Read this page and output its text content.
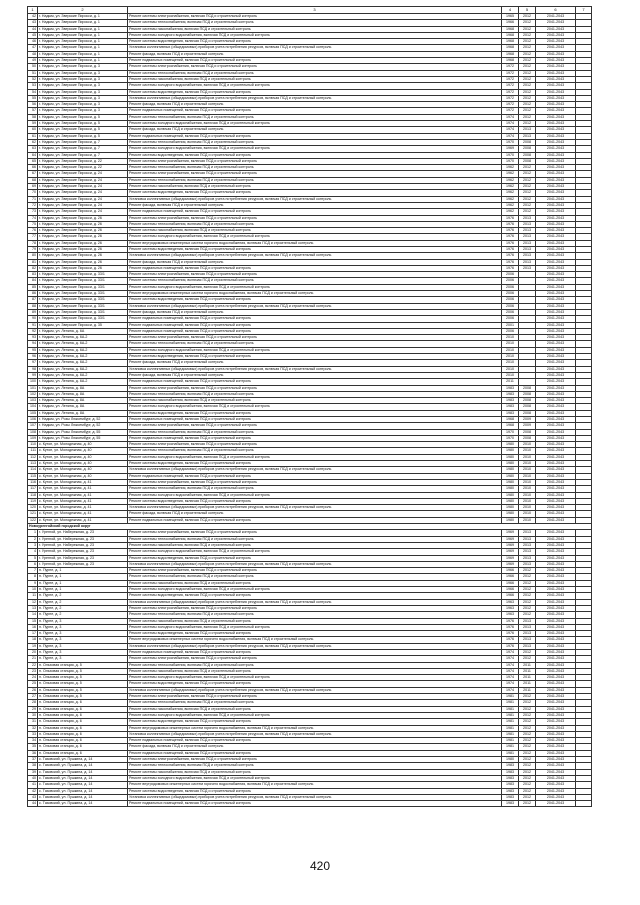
1	2	3	4	5	6	7
42	г. Надым, ул. Зверские Пирокси, д. 1	Ремонт системы электроснабжения, включая ПСД и строительный контроль	1965	2012	2041-2043	
43	г. Надым, ул. Зверские Пирокси, д. 1	Ремонт системы теплоснабжения, включая ПСД и строительный контроль	1966	2012	2041-2043	
44	г. Надым, ул. Зверские Пирокси, д. 1	Ремонт системы газоснабжения, включая ПСД и строительный контроль	1968	2012	2041-2043	
45	г. Надым, ул. Зверские Пирокси, д. 1	Ремонт системы холодного водоснабжения, включая ПСД и строительный контроль	1968	2012	2041-2043	
46	г. Надым, ул. Зверские Пирокси, д. 1	Ремонт системы водоотведения, включая ПСД и строительный контроль	1968	2012	2041-2043	
47	г. Надым, ул. Зверские Пирокси, д. 1	Установка коллективных (общедомовых) приборов учета потребления ресурсов, включая ПСД и строительный контроль	1968	2012	2041-2043	
48	г. Надым, ул. Зверские Пирокси, д. 1	Ремонт фасада, включая ПСД и строительный контроль	1968	2012	2041-2043	
49	г. Надым, ул. Зверские Пирокси, д. 1	Ремонт подвальных помещений, включая ПСД и строительный контроль	1968	2012	2041-2043	
50	г. Надым, ул. Зверские Пирокси, д. 3	Ремонт системы электроснабжения, включая ПСД и строительный контроль	1972	2012	2041-2043	
51	г. Надым, ул. Зверские Пирокси, д. 3	Ремонт системы теплоснабжения, включая ПСД и строительный контроль	1972	2012	2041-2043	
52	г. Надым, ул. Зверские Пирокси, д. 3	Ремонт системы газоснабжения, включая ПСД и строительный контроль	1972	2012	2041-2043	
53	г. Надым, ул. Зверские Пирокси, д. 3	Ремонт системы холодного водоснабжения, включая ПСД и строительный контроль	1972	2012	2041-2043	
54	г. Надым, ул. Зверские Пирокси, д. 3	Ремонт системы водоотведения, включая ПСД и строительный контроль	1972	2012	2041-2043	
55	г. Надым, ул. Зверские Пирокси, д. 3	Установка коллективных (общедомовых) приборов учета потребления ресурсов, включая ПСД и строительный контроль	1972	2012	2041-2043	
56	г. Надым, ул. Зверские Пирокси, д. 3	Ремонт фасада, включая ПСД и строительный контроль	1972	2012	2041-2043	
57	г. Надым, ул. Зверские Пирокси, д. 3	Ремонт подвальных помещений, включая ПСД и строительный контроль	1972	2012	2041-2043	
58	г. Надым, ул. Зверские Пирокси, д. 5	Ремонт системы теплоснабжения, включая ПСД и строительный контроль	1974	2012	2041-2043	
59	г. Надым, ул. Зверские Пирокси, д. 5	Ремонт системы холодного водоснабжения, включая ПСД и строительный контроль	1974	2012	2041-2043	
60	г. Надым, ул. Зверские Пирокси, д. 5	Ремонт фасада, включая ПСД и строительный контроль	1974	2013	2041-2043	
61	г. Надым, ул. Зверские Пирокси, д. 5	Ремонт подвальных помещений, включая ПСД и строительный контроль	1974	2013	2041-2043	
62	г. Надым, ул. Зверские Пирокси, д. 7	Ремонт системы теплоснабжения, включая ПСД и строительный контроль	1970	2008	2041-2043	
63	г. Надым, ул. Зверские Пирокси, д. 7	Ремонт системы холодного водоснабжения, включая ПСД и строительный контроль	1969	2008	2041-2043	
64	г. Надым, ул. Зверские Пирокси, д. 7	Ремонт системы водоотведения, включая ПСД и строительный контроль	1970	2008	2041-2043	
65	г. Надым, ул. Зверские Пирокси, д. 22	Ремонт системы электроснабжения, включая ПСД и строительный контроль	1970	2008	2041-2043	
66	г. Надым, ул. Зверские Пирокси, д. 22	Ремонт системы теплоснабжения, включая ПСД и строительный контроль	1962	2012	2041-2043	
67	г. Надым, ул. Зверские Пирокси, д. 24	Ремонт системы электроснабжения, включая ПСД и строительный контроль	1962	2012	2041-2043	
68	г. Надым, ул. Зверские Пирокси, д. 24	Ремонт системы теплоснабжения, включая ПСД и строительный контроль	1962	2012	2041-2043	
69	г. Надым, ул. Зверские Пирокси, д. 24	Ремонт системы газоснабжения, включая ПСД и строительный контроль	1962	2012	2041-2043	
70	г. Надым, ул. Зверские Пирокси, д. 24	Ремонт системы водоотведения, включая ПСД и строительный контроль	1962	2012	2041-2043	
71	г. Надым, ул. Зверские Пирокси, д. 24	Установка коллективных (общедомовых) приборов учета потребления ресурсов, включая ПСД и строительный контроль	1962	2012	2041-2043	
72	г. Надым, ул. Зверские Пирокси, д. 24	Ремонт фасада, включая ПСД и строительный контроль	1962	2012	2041-2043	
73	г. Надым, ул. Зверские Пирокси, д. 24	Ремонт подвальных помещений, включая ПСД и строительный контроль	1962	2012	2041-2043	
74	г. Надым, ул. Зверские Пирокси, д. 26	Ремонт системы электроснабжения, включая ПСД и строительный контроль	1976	2013	2041-2043	
75	г. Надым, ул. Зверские Пирокси, д. 26	Ремонт системы теплоснабжения, включая ПСД и строительный контроль	1976	2013	2041-2043	
76	г. Надым, ул. Зверские Пирокси, д. 26	Ремонт системы газоснабжения, включая ПСД и строительный контроль	1976	2013	2041-2043	
77	г. Надым, ул. Зверские Пирокси, д. 26	Ремонт системы холодного водоснабжения, включая ПСД и строительный контроль	1976	2013	2041-2043	
78	г. Надым, ул. Зверские Пирокси, д. 26	Ремонт внутридомовых инженерных систем горячего водоснабжения, включая ПСД и строительный контроль	1976	2013	2041-2043	
79	г. Надым, ул. Зверские Пирокси, д. 26	Ремонт системы водоотведения, включая ПСД и строительный контроль	1976	2013	2041-2043	
80	г. Надым, ул. Зверские Пирокси, д. 26	Установка коллективных (общедомовых) приборов учета потребления ресурсов, включая ПСД и строительный контроль	1976	2013	2041-2043	
81	г. Надым, ул. Зверские Пирокси, д. 26	Ремонт фасада, включая ПСД и строительный контроль	1976	2013	2041-2043	
82	г. Надым, ул. Зверские Пирокси, д. 26	Ремонт подвальных помещений, включая ПСД и строительный контроль	1976	2013	2041-2043	
83	г. Надым, ул. Зверские Пирокси, д. 33/1	Ремонт системы электроснабжения, включая ПСД и строительный контроль	2006		2041-2043	
84	г. Надым, ул. Зверские Пирокси, д. 33/1	Ремонт системы теплоснабжения, включая ПСД и строительный контроль	2006		2041-2043	
85	г. Надым, ул. Зверские Пирокси, д. 33/1	Ремонт системы холодного водоснабжения, включая ПСД и строительный контроль	2006		2041-2043	
86	г. Надым, ул. Зверские Пирокси, д. 33/1	Ремонт внутридомовых инженерных систем горячего водоснабжения, включая ПСД и строительный контроль	2006		2041-2043	
87	г. Надым, ул. Зверские Пирокси, д. 33/1	Ремонт системы водоотведения, включая ПСД и строительный контроль	2006		2041-2043	
88	г. Надым, ул. Зверские Пирокси, д. 33/1	Установка коллективных (общедомовых) приборов учета потребления ресурсов, включая ПСД и строительный контроль	2006		2041-2043	
89	г. Надым, ул. Зверские Пирокси, д. 33/1	Ремонт фасада, включая ПСД и строительный контроль	2006		2041-2043	
90	г. Надым, ул. Зверские Пирокси, д. 33/1	Ремонт подвальных помещений, включая ПСД и строительный контроль	2006		2041-2043	
91	г. Надым, ул. Зверские Пирокси, д. 35	Ремонт подвальных помещений, включая ПСД и строительный контроль	2001		2041-2043	
92	г. Надым, ул. Ленина, д. 6А	Ремонт подвальных помещений, включая ПСД и строительный контроль	2006		2041-2043	
93	г. Надым, ул. Ленина, д. 6А-2	Ремонт системы электроснабжения, включая ПСД и строительный контроль	2010		2041-2043	
94	г. Надым, ул. Ленина, д. 6А-2	Ремонт системы теплоснабжения, включая ПСД и строительный контроль	2010		2041-2043	
95	г. Надым, ул. Ленина, д. 6А-2	Ремонт системы холодного водоснабжения, включая ПСД и строительный контроль	2010		2041-2043	
96	г. Надым, ул. Ленина, д. 6А-2	Ремонт системы водоотведения, включая ПСД и строительный контроль	2010		2041-2043	
97	г. Надым, ул. Ленина, д. 6А-2	Ремонт фасада, включая ПСД и строительный контроль	2010		2041-2043	
98	г. Надым, ул. Ленина, д. 6А-2	Установка коллективных (общедомовых) приборов учета потребления ресурсов, включая ПСД и строительный контроль	2010		2041-2043	
99	г. Надым, ул. Ленина, д. 6А-2	Ремонт фасада, включая ПСД и строительный контроль	2010		2041-2043	
100	г. Надым, ул. Ленина, д. 6А-2	Ремонт подвальных помещений, включая ПСД и строительный контроль	2011		2041-2043	
101	г. Надым, ул. Ленина, д. 8А	Ремонт системы электроснабжения, включая ПСД и строительный контроль	1983	2008	2041-2043	
102	г. Надым, ул. Ленина, д. 8А	Ремонт системы теплоснабжения, включая ПСД и строительный контроль	1983	2008	2041-2043	
103	г. Надым, ул. Ленина, д. 8А	Ремонт системы газоснабжения, включая ПСД и строительный контроль	1983	2008	2041-2043	
104	г. Надым, ул. Ленина, д. 8А	Ремонт системы холодного водоснабжения, включая ПСД и строительный контроль	1983	2008	2041-2043	
105	г. Надым, ул. Ленина, д. 8А	Ремонт системы водоотведения, включая ПСД и строительный контроль	1983	2008	2041-2043	
106	г. Надым, ул. Розы Люксембург, д. 52	Ремонт подвальных помещений, включая ПСД и строительный контроль	1968	2009	2041-2043	
107	г. Надым, ул. Розы Люксембург, д. 52	Ремонт системы электроснабжения, включая ПСД и строительный контроль	1968	2009	2041-2043	
108	г. Надым, ул. Розы Люксембург, д. 55	Ремонт системы теплоснабжения, включая ПСД и строительный контроль	1970	2008	2041-2043	
109	г. Надым, ул. Розы Люксембург, д. 55	Ремонт подвальных помещений, включая ПСД и строительный контроль	1970	2008	2041-2043	
110	с. Кутоп, ул. Молодежная, д. 40	Ремонт системы электроснабжения, включая ПСД и строительный контроль	1980	2010	2041-2043	
111	с. Кутоп, ул. Молодежная, д. 40	Ремонт системы теплоснабжения, включая ПСД и строительный контроль	1980	2010	2041-2043	
112	с. Кутоп, ул. Молодежная, д. 40	Ремонт системы холодного водоснабжения, включая ПСД и строительный контроль	1980	2010	2041-2043	
113	с. Кутоп, ул. Молодежная, д. 40	Ремонт системы водоотведения, включая ПСД и строительный контроль	1980	2010	2041-2043	
114	с. Кутоп, ул. Молодежная, д. 40	Установка коллективных (общедомовых) приборов учета потребления ресурсов, включая ПСД и строительный контроль	1980	2010	2041-2043	
115	с. Кутоп, ул. Молодежная, д. 40	Ремонт подвальных помещений, включая ПСД и строительный контроль	1980	2010	2041-2043	
116	с. Кутоп, ул. Молодежная, д. 41	Ремонт системы электроснабжения, включая ПСД и строительный контроль	1980	2010	2041-2043	
117	с. Кутоп, ул. Молодежная, д. 41	Ремонт системы теплоснабжения, включая ПСД и строительный контроль	1980	2010	2041-2043	
118	с. Кутоп, ул. Молодежная, д. 41	Ремонт системы холодного водоснабжения, включая ПСД и строительный контроль	1980	2010	2041-2043	
119	с. Кутоп, ул. Молодежная, д. 41	Ремонт системы водоотведения, включая ПСД и строительный контроль	1980	2010	2041-2043	
120	с. Кутоп, ул. Молодежная, д. 41	Установка коллективных (общедомовых) приборов учета потребления ресурсов, включая ПСД и строительный контроль	1980	2010	2041-2043	
121	с. Кутоп, ул. Молодежная, д. 41	Ремонт фасада, включая ПСД и строительный контроль	1980	2010	2041-2043	
122	с. Кутоп, ул. Молодежная, д. 41	Ремонт подвальных помещений, включая ПСД и строительный контроль	1980	2010	2041-2043	
Новоуренгойский городской округ						
1	г. Уренгой, ул. Набережная, д. 23	Ремонт системы электроснабжения, включая ПСД и строительный контроль	1969	2013	2041-2043	
2	г. Уренгой, ул. Набережная, д. 23	Ремонт системы теплоснабжения, включая ПСД и строительный контроль	1969	2013	2041-2043	
3	г. Уренгой, ул. Набережная, д. 23	Ремонт системы газоснабжения, включая ПСД и строительный контроль	1969	2013	2041-2043	
4	г. Уренгой, ул. Набережная, д. 23	Ремонт системы холодного водоснабжения, включая ПСД и строительный контроль	1969	2013	2041-2043	
5	г. Уренгой, ул. Набережная, д. 23	Ремонт системы водоотведения, включая ПСД и строительный контроль	1969	2013	2041-2043	
6	г. Уренгой, ул. Набережная, д. 23	Установка коллективных (общедомовых) приборов учета потребления ресурсов, включая ПСД и строительный контроль	1969	2013	2041-2043	
7	п. Пурпе, д. 1	Ремонт системы электроснабжения, включая ПСД и строительный контроль	1966	2012	2041-2043	
8	п. Пурпе, д. 1	Ремонт системы теплоснабжения, включая ПСД и строительный контроль	1966	2012	2041-2043	
9	п. Пурпе, д. 1	Ремонт системы газоснабжения, включая ПСД и строительный контроль	1966	2012	2041-2043	
10	п. Пурпе, д. 1	Ремонт системы холодного водоснабжения, включая ПСД и строительный контроль	1966	2012	2041-2043	
11	п. Пурпе, д. 2	Ремонт системы водоотведения, включая ПСД и строительный контроль	1966	2012	2041-2043	
12	п. Пурпе, д. 2	Установка коллективных (общедомовых) приборов учета потребления ресурсов, включая ПСД и строительный контроль	1963	2012	2041-2043	
13	п. Пурпе, д. 2	Ремонт системы электроснабжения, включая ПСД и строительный контроль	1963	2012	2041-2043	
14	п. Пурпе, д. 2	Ремонт системы теплоснабжения, включая ПСД и строительный контроль	1963	2012	2041-2043	
15	п. Пурпе, д. 3	Ремонт системы газоснабжения, включая ПСД и строительный контроль	1976	2013	2041-2043	
16	п. Пурпе, д. 3	Ремонт системы холодного водоснабжения, включая ПСД и строительный контроль	1976	2013	2041-2043	
17	п. Пурпе, д. 3	Ремонт системы водоотведения, включая ПСД и строительный контроль	1976	2013	2041-2043	
18	п. Пурпе, д. 3	Ремонт внутридомовых инженерных систем горячего водоснабжения, включая ПСД и строительный контроль	1976	2013	2041-2043	
19	п. Пурпе, д. 3	Установка коллективных (общедомовых) приборов учета потребления ресурсов, включая ПСД и строительный контроль	1976	2013	2041-2043	
20	п. Пурпе, д. 3	Ремонт подвальных помещений, включая ПСД и строительный контроль	1974	2012	2041-2043	
21	п. Пурпе, д. 3	Ремонт системы электроснабжения, включая ПСД и строительный контроль	1974	2012	2041-2043	
22	п. Ольховая станция, д. 5	Ремонт системы теплоснабжения, включая ПСД и строительный контроль	1974	2011	2041-2043	
23	п. Ольховая станция, д. 5	Ремонт системы газоснабжения, включая ПСД и строительный контроль	1974	2011	2041-2043	
24	п. Ольховая станция, д. 5	Ремонт системы холодного водоснабжения, включая ПСД и строительный контроль	1974	2011	2041-2043	
25	п. Ольховая станция, д. 5	Ремонт системы водоотведения, включая ПСД и строительный контроль	1974	2011	2041-2043	
26	п. Ольховая станция, д. 5	Установка коллективных (общедомовых) приборов учета потребления ресурсов, включая ПСД и строительный контроль	1974	2011	2041-2043	
27	п. Ольховая станция, д. 5	Ремонт системы электроснабжения, включая ПСД и строительный контроль	1981	2012	2041-2043	
28	п. Ольховая станция, д. 6	Ремонт системы теплоснабжения, включая ПСД и строительный контроль	1981	2012	2041-2043	
29	п. Ольховая станция, д. 6	Ремонт системы газоснабжения, включая ПСД и строительный контроль	1981	2012	2041-2043	
30	п. Ольховая станция, д. 6	Ремонт системы холодного водоснабжения, включая ПСД и строительный контроль	1981	2012	2041-2043	
31	п. Ольховая станция, д. 6	Ремонт системы водоотведения, включая ПСД и строительный контроль	1981	2012	2041-2043	
32	п. Ольховая станция, д. 6	Ремонт внутридомовых инженерных систем горячего водоснабжения, включая ПСД и строительный контроль	1981	2012	2041-2043	
33	п. Ольховая станция, д. 6	Установка коллективных (общедомовых) приборов учета потребления ресурсов, включая ПСД и строительный контроль	1981	2012	2041-2043	
34	п. Ольховая станция, д. 6	Ремонт подвальных помещений, включая ПСД и строительный контроль	1981	2012	2041-2043	
35	п. Ольховая станция, д. 6	Ремонт фасада, включая ПСД и строительный контроль	1981	2012	2041-2043	
36	п. Ольховая станция, д. 6	Ремонт подвальных помещений, включая ПСД и строительный контроль	1981	2012	2041-2043	
37	с. Тазовский, ул. Пушкина, д. 14	Ремонт системы электроснабжения, включая ПСД и строительный контроль	1980	2012	2041-2043	
38	с. Тазовский, ул. Пушкина, д. 14	Ремонт системы теплоснабжения, включая ПСД и строительный контроль	1983	2012	2041-2043	
39	с. Тазовский, ул. Пушкина, д. 14	Ремонт системы газоснабжения, включая ПСД и строительный контроль	1983	2012	2041-2043	
40	с. Тазовский, ул. Пушкина, д. 14	Ремонт системы холодного водоснабжения, включая ПСД и строительный контроль	1983	2012	2041-2043	
41	с. Тазовский, ул. Пушкина, д. 14	Ремонт внутридомовых инженерных систем горячего водоснабжения, включая ПСД и строительный контроль	1983	2012	2041-2043	
42	с. Тазовский, ул. Пушкина, д. 14	Ремонт системы водоотведения, включая ПСД и строительный контроль	1983	2012	2041-2043	
43	с. Тазовский, ул. Пушкина, д. 14	Установка коллективных (общедомовых) приборов учета потребления ресурсов, включая ПСД и строительный контроль	1983	2012	2041-2043	
44	с. Тазовский, ул. Пушкина, д. 14	Ремонт подвальных помещений, включая ПСД и строительный контроль	1983	2012	2041-2043	
420
